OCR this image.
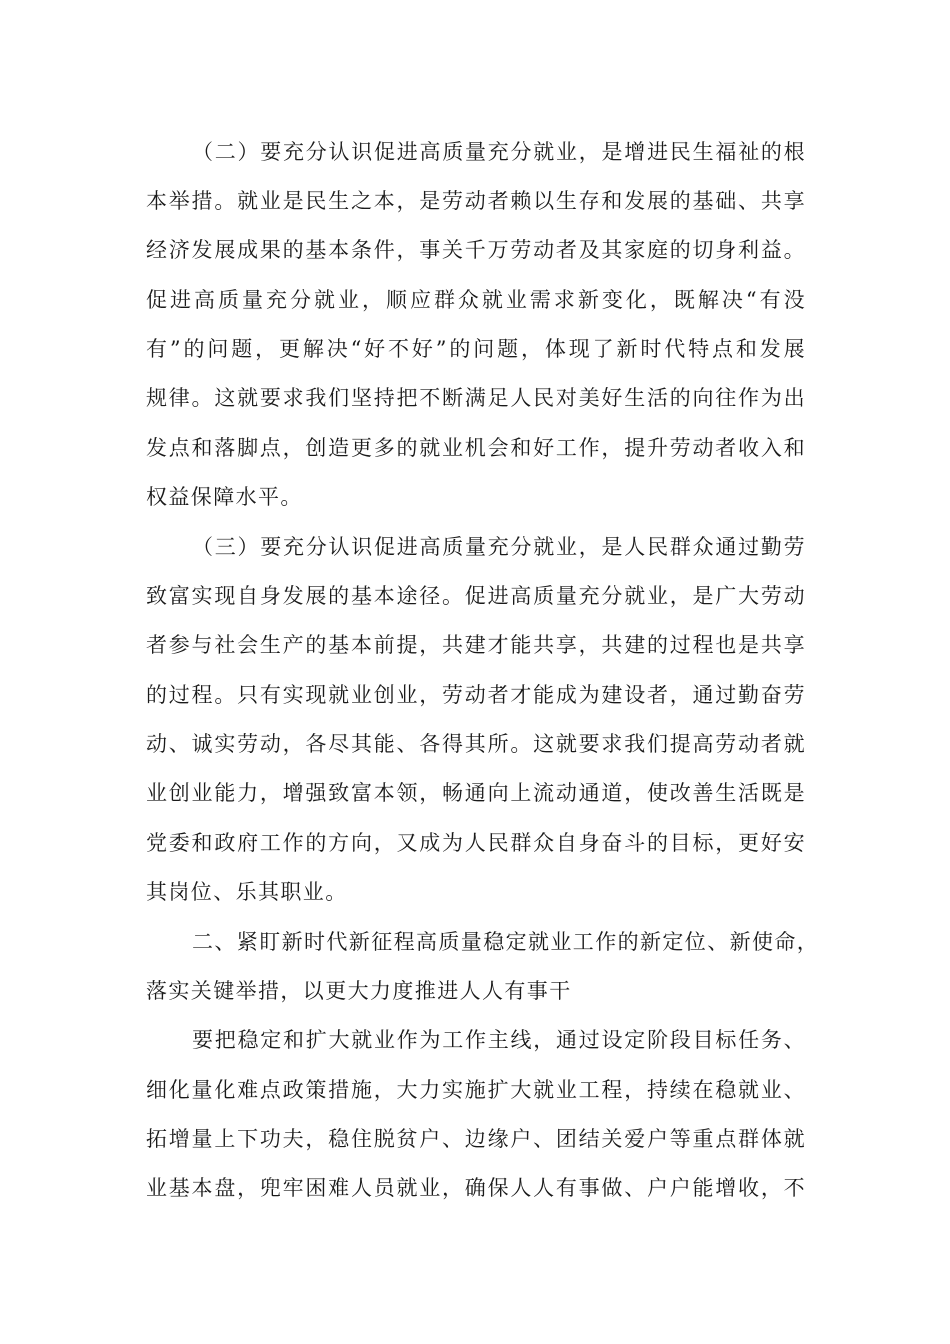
（二）要充分认识促进高质量充分就业，是增进民生福祉的根
本举措。就业是民生之本，是劳动者赖以生存和发展的基础、共享
经济发展成果的基本条件，事关千万劳动者及其家庭的切身利益。
促进高质量充分就业，顺应群众就业需求新变化，既解决“有没
有”的问题，更解决“好不好”的问题，体现了新时代特点和发展
规律。这就要求我们坚持把不断满足人民对美好生活的向往作为出
发点和落脚点，创造更多的就业机会和好工作，提升劳动者收入和
权益保障水平。
（三）要充分认识促进高质量充分就业，是人民群众通过勤劳
致富实现自身发展的基本途径。促进高质量充分就业，是广大劳动
者参与社会生产的基本前提，共建才能共享，共建的过程也是共享
的过程。只有实现就业创业，劳动者才能成为建设者，通过勤奋劳
动、诚实劳动，各尽其能、各得其所。这就要求我们提高劳动者就
业创业能力，增强致富本领，畅通向上流动通道，使改善生活既是
党委和政府工作的方向，又成为人民群众自身奋斗的目标，更好安
其岗位、乐其职业。
二、紧盯新时代新征程高质量稳定就业工作的新定位、新使命，
落实关键举措，以更大力度推进人人有事干
要把稳定和扩大就业作为工作主线，通过设定阶段目标任务、
细化量化难点政策措施，大力实施扩大就业工程，持续在稳就业、
拓增量上下功夫，稳住脱贫户、边缘户、团结关爱户等重点群体就
业基本盘，兜牢困难人员就业，确保人人有事做、户户能增收，不
